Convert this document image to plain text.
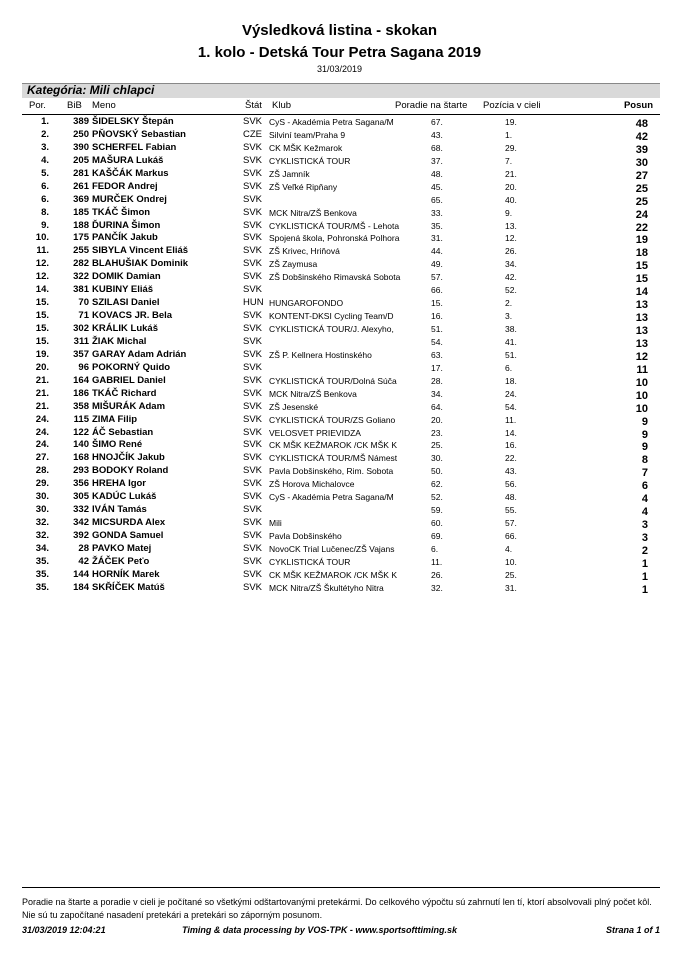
Výsledková listina - skokan
1. kolo - Detská Tour Petra Sagana 2019
31/03/2019
Kategória: Mili chlapci
Por. BiB Meno	Štát Klub	Poradie na štarte Pozícia v cieli	Posun
1.	389 ŠIDELSKY Štepán	SVK CyS - Akadémia Petra Sagana/M	67.	19.	48
2.	250 PŇOVSKÝ Sebastian	CZE Silviní team/Praha 9	43.	1.	42
3.	390 SCHERFEL Fabian	SVK CK MŠK Kežmarok	68.	29.	39
4.	205 MAŠURA Lukáš	SVK CYKLISTICKÁ TOUR	37.	7.	30
5.	281 KAŠČÁK Markus	SVK ZŠ Jamník	48.	21.	27
6.	261 FEDOR Andrej	SVK ZŠ Veľké Ripňany	45.	20.	25
6.	369 MURČEK Ondrej	SVK	65.	40.	25
8.	185 TKÁČ Šimon	SVK MCK Nitra/ZŠ Benkova	33.	9.	24
9.	188 ĎURINA Šimon	SVK CYKLISTICKÁ TOUR/MŠ - Lehota	35.	13.	22
10.	175 PANČÍK Jakub	SVK Spojená škola, Pohronská Polhora	31.	12.	19
11.	255 SIBYLA Vincent Eliáš	SVK ZŠ Krivec, Hriňová	44.	26.	18
12.	282 BLAHUŠIAK Dominik	SVK ZŠ Zaymusa	49.	34.	15
12.	322 DOMIK Damian	SVK ZŠ Dobšinského Rimavská Sobota	57.	42.	15
14.	381 KUBINY Eliáš	SVK	66.	52.	14
15.	70 SZILASI Daniel	HUN HUNGAROFONDO	15.	2.	13
15.	71 KOVACS JR. Bela	SVK KONTENT-DKSI Cycling Team/D	16.	3.	13
15.	302 KRÁLIK Lukáš	SVK CYKLISTICKÁ TOUR/J. Alexyho,	51.	38.	13
15.	311 ŽIAK Michal	SVK	54.	41.	13
19.	357 GARAY Adam Adrián	SVK ZŠ P. Kellnera Hostinského	63.	51.	12
20.	96 POKORNÝ Quido	SVK	17.	6.	11
21.	164 GABRIEL Daniel	SVK CYKLISTICKÁ TOUR/Dolná Súča	28.	18.	10
21.	186 TKÁČ Richard	SVK MCK Nitra/ZŠ Benkova	34.	24.	10
21.	358 MIŠURÁK Adam	SVK ZŠ Jesenské	64.	54.	10
24.	115 ZIMA Filip	SVK CYKLISTICKÁ TOUR/ZS Goliano	20.	11.	9
24.	122 ÁČ Sebastian	SVK VELOSVET PRIEVIDZA	23.	14.	9
24.	140 ŠIMO René	SVK CK MŠK KEŽMAROK /CK MŠK K	25.	16.	9
27.	168 HNOJČÍK Jakub	SVK CYKLISTICKÁ TOUR/MŠ Námest	30.	22.	8
28.	293 BODOKY Roland	SVK Pavla Dobšinského, Rim. Sobota	50.	43.	7
29.	356 HREHA Igor	SVK ZŠ Horova Michalovce	62.	56.	6
30.	305 KADÚC Lukáš	SVK CyS - Akadémia Petra Sagana/M	52.	48.	4
30.	332 IVÁN Tamás	SVK	59.	55.	4
32.	342 MICSURDA Alex	SVK Mili	60.	57.	3
32.	392 GONDA Samuel	SVK Pavla Dobšinského	69.	66.	3
34.	28 PAVKO Matej	SVK NovoCK Trial Lučenec/ZŠ Vajans	6.	4.	2
35.	42 ŽÁČEK Peťo	SVK CYKLISTICKÁ TOUR	11.	10.	1
35.	144 HORNÍK Marek	SVK CK MŠK KEŽMAROK /CK MŠK K	26.	25.	1
35.	184 SKŘÍČEK Matúš	SVK MCK Nitra/ZŠ Škultétyho Nitra	32.	31.	1
Poradie na štarte a poradie v cieli je počítané so všetkými odštartovanými pretekármi. Do celkového výpočtu sú zahrnutí len tí, ktorí absolvovali plný počet kôl. Nie sú tu započítané nasadení pretekári a pretekári so záporným posunom.
31/03/2019 12:04:21	Timing & data processing by VOS-TPK - www.sportsofttiming.sk	Strana 1 of 1
